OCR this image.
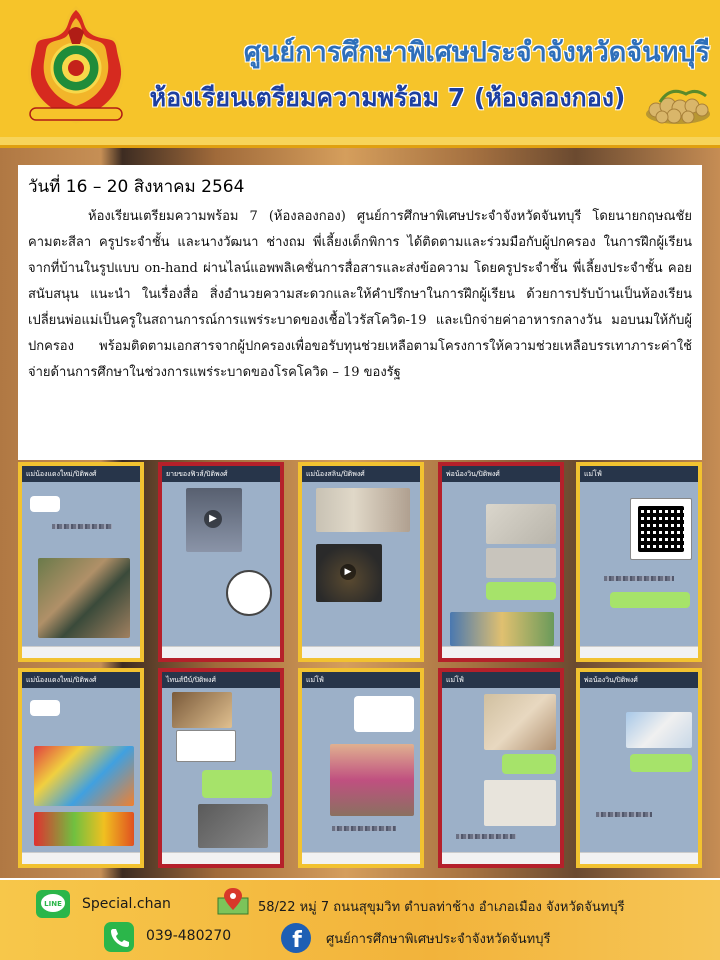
ศูนย์การศึกษาพิเศษประจำจังหวัดจันทบุรี
ห้องเรียนเตรียมความพร้อม 7 (ห้องลองกอง)
วันที่ 16 – 20 สิงหาคม 2564

ห้องเรียนเตรียมความพร้อม 7 (ห้องลองกอง) ศูนย์การศึกษาพิเศษประจำจังหวัดจันทบุรี โดยนายกฤษณชัย คามตะสีลา ครูประจำชั้น และนางวัฒนา ช่างถม พี่เลี้ยงเด็กพิการ ได้ติดตามและร่วมมือกับผู้ปกครอง ในการฝึกผู้เรียนจากที่บ้านในรูปแบบ on-hand ผ่านไลน์แอพพลิเคชั่นการสื่อสารและส่งข้อความ โดยครูประจำชั้น พี่เลี้ยงประจำชั้น คอยสนับสนุน แนะนำ ในเรื่องสื่อ สิ่งอำนวยความสะดวกและให้คำปรึกษาในการฝึกผู้เรียน ด้วยการปรับบ้านเป็นห้องเรียนเปลี่ยนพ่อแม่เป็นครูในสถานการณ์การแพร่ระบาดของเชื้อไวรัสโควิด-19 และเบิกจ่ายค่าอาหารกลางวัน มอบนมให้กับผู้ปกครอง พร้อมติดตามเอกสารจากผู้ปกครองเพื่อขอรับทุนช่วยเหลือตามโครงการให้ความช่วยเหลือบรรเทาภาระค่าใช้จ่ายด้านการศึกษาในช่วงการแพร่ระบาดของโรคโควิด – 19 ของรัฐ

แม่น้องแดงใหม่/ปิติพงศ์	ยายของฟิวส์/ปิติพงศ์
▶
แม่น้องสลิน/ปิติพงศ์
▶
พ่อน้องวิน/ปิติพงศ์	แม่โฟ์
แม่น้องแดงใหม่/ปิติพงศ์	ไทนส์บีบ์/ปิติพงศ์	แม่โฟ์	แม่โฟ์	พ่อน้องวิน/ปิติพงศ์
LINE Special.chan	58/22 หมู่ 7 ถนนสุขุมวิท ตำบลท่าช้าง อำเภอเมือง จังหวัดจันทบุรี
039-480270	f ศูนย์การศึกษาพิเศษประจำจังหวัดจันทบุรี
